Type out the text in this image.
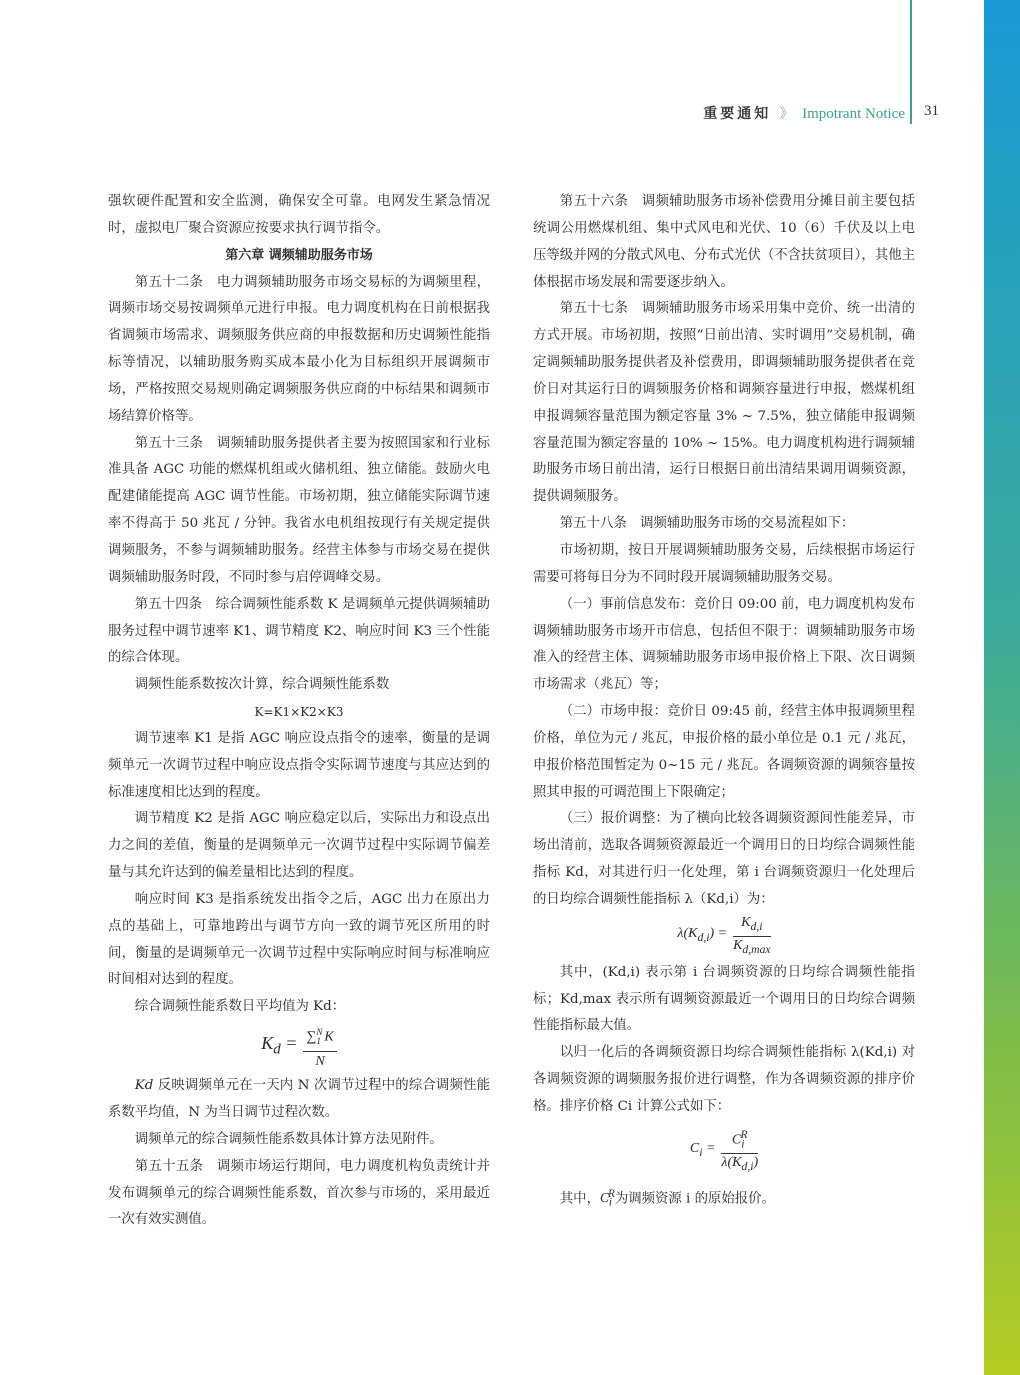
重要通知 》 Impotrant Notice 31

强软硬件配置和安全监测，确保安全可靠。电网发生紧急情况时，虚拟电厂聚合资源应按要求执行调节指令。

第六章 调频辅助服务市场

第五十二条　电力调频辅助服务市场交易标的为调频里程，调频市场交易按调频单元进行申报。电力调度机构在日前根据我省调频市场需求、调频服务供应商的申报数据和历史调频性能指标等情况，以辅助服务购买成本最小化为目标组织开展调频市场，严格按照交易规则确定调频服务供应商的中标结果和调频市场结算价格等。

第五十三条　调频辅助服务提供者主要为按照国家和行业标准具备 AGC 功能的燃煤机组或火储机组、独立储能。鼓励火电配建储能提高 AGC 调节性能。市场初期，独立储能实际调节速率不得高于 50 兆瓦 / 分钟。我省水电机组按现行有关规定提供调频服务，不参与调频辅助服务。经营主体参与市场交易在提供调频辅助服务时段，不同时参与启停调峰交易。

第五十四条　综合调频性能系数 K 是调频单元提供调频辅助服务过程中调节速率 K1、调节精度 K2、响应时间 K3 三个性能的综合体现。

调频性能系数按次计算，综合调频性能系数

K=K1×K2×K3

调节速率 K1 是指 AGC 响应设点指令的速率，衡量的是调频单元一次调节过程中响应设点指令实际调节速度与其应达到的标准速度相比达到的程度。

调节精度 K2 是指 AGC 响应稳定以后，实际出力和设点出力之间的差值，衡量的是调频单元一次调节过程中实际调节偏差量与其允许达到的偏差量相比达到的程度。

响应时间 K3 是指系统发出指令之后，AGC 出力在原出力点的基础上，可靠地跨出与调节方向一致的调节死区所用的时间，衡量的是调频单元一次调节过程中实际响应时间与标准响应时间相对达到的程度。

综合调频性能系数日平均值为 Kd：

$K_d = \frac{\sum^N_1 K}{N}$

Kd 反映调频单元在一天内 N 次调节过程中的综合调频性能系数平均值，N 为当日调节过程次数。

调频单元的综合调频性能系数具体计算方法见附件。

第五十五条　调频市场运行期间，电力调度机构负责统计并发布调频单元的综合调频性能系数，首次参与市场的，采用最近一次有效实测值。

第五十六条　调频辅助服务市场补偿费用分摊目前主要包括统调公用燃煤机组、集中式风电和光伏、10（6）千伏及以上电压等级并网的分散式风电、分布式光伏（不含扶贫项目），其他主体根据市场发展和需要逐步纳入。

第五十七条　调频辅助服务市场采用集中竞价、统一出清的方式开展。市场初期，按照“日前出清、实时调用”交易机制，确定调频辅助服务提供者及补偿费用，即调频辅助服务提供者在竞价日对其运行日的调频服务价格和调频容量进行申报，燃煤机组申报调频容量范围为额定容量 3% ~ 7.5%，独立储能申报调频容量范围为额定容量的 10% ~ 15%。电力调度机构进行调频辅助服务市场日前出清，运行日根据日前出清结果调用调频资源，提供调频服务。

第五十八条　调频辅助服务市场的交易流程如下：

市场初期，按日开展调频辅助服务交易，后续根据市场运行需要可将每日分为不同时段开展调频辅助服务交易。

（一）事前信息发布：竞价日 09:00 前，电力调度机构发布调频辅助服务市场开市信息，包括但不限于：调频辅助服务市场准入的经营主体、调频辅助服务市场申报价格上下限、次日调频市场需求（兆瓦）等；

（二）市场申报：竞价日 09:45 前，经营主体申报调频里程价格，单位为元 / 兆瓦，申报价格的最小单位是 0.1 元 / 兆瓦，申报价格范围暂定为 0~15 元 / 兆瓦。各调频资源的调频容量按照其申报的可调范围上下限确定；

（三）报价调整：为了横向比较各调频资源间性能差异，市场出清前，选取各调频资源最近一个调用日的日均综合调频性能指标 Kd，对其进行归一化处理，第 i 台调频资源归一化处理后的日均综合调频性能指标 λ（Kd,i）为：

$\lambda(K_{d,i}) = \frac{K_{d,i}}{K_{d,max}}$

其中，(Kd,i) 表示第 i 台调频资源的日均综合调频性能指标；Kd,max 表示所有调频资源最近一个调用日的日均综合调频性能指标最大值。

以归一化后的各调频资源日均综合调频性能指标 λ(Kd,i) 对各调频资源的调频服务报价进行调整，作为各调频资源的排序价格。排序价格 Ci 计算公式如下：

$C_i = \frac{C_i^R}{\lambda(K_{d,i})}$

其中，$C_i^R$为调频资源 i 的原始报价。
